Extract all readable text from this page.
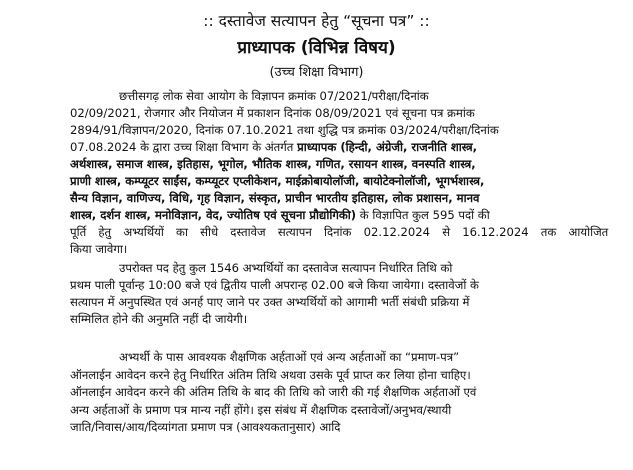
:: दस्तावेज सत्यापन हेतु “सूचना पत्र” ::
प्राध्यापक (विभिन्न विषय)
(उच्च शिक्षा विभाग)
छत्तीसगढ़ लोक सेवा आयोग के विज्ञापन क्रमांक 07/2021/परीक्षा/दिनांक
02/09/2021, रोजगार और नियोजन में प्रकाशन दिनांक 08/09/2021 एवं सूचना पत्र क्रमांक
2894/91/विज्ञापन/2020, दिनांक 07.10.2021 तथा शुद्धि पत्र क्रमांक 03/2024/परीक्षा/दिनांक
07.08.2024 के द्वारा उच्च शिक्षा विभाग के अंतर्गत प्राध्यापक (हिन्दी, अंग्रेजी, राजनीति शास्त्र,
अर्थशास्त्र, समाज शास्त्र, इतिहास, भूगोल, भौतिक शास्त्र, गणित, रसायन शास्त्र, वनस्पति शास्त्र,
प्राणी शास्त्र, कम्प्यूटर साईंस, कम्प्यूटर एप्लीकेशन, माईक्रोबायोलॉजी, बायोटेक्नोलॉजी, भूगर्भशास्त्र,
सैन्य विज्ञान, वाणिज्य, विधि, गृह विज्ञान, संस्कृत, प्राचीन भारतीय इतिहास, लोक प्रशासन, मानव
शास्त्र, दर्शन शास्त्र, मनोविज्ञान, वेद, ज्योतिष एवं सूचना प्रौद्योगिकी) के विज्ञापित कुल 595 पदों की
पूर्ति हेतु अभ्यर्थियों का सीधे दस्तावेज सत्यापन दिनांक 02.12.2024 से 16.12.2024 तक आयोजित
किया जावेगा।
उपरोक्त पद हेतु कुल 1546 अभ्यर्थियों का दस्तावेज सत्यापन निर्धारित तिथि को
प्रथम पाली पूर्वान्ह 10:00 बजे एवं द्वितीय पाली अपरान्ह 02.00 बजे किया जायेगा। दस्तावेजों के
सत्यापन में अनुपस्थित एवं अनर्ह पाए जाने पर उक्त अभ्यर्थियों को आगामी भर्ती संबंधी प्रक्रिया में
सम्मिलित होने की अनुमति नहीं दी जायेगी।
अभ्यर्थी के पास आवश्यक शैक्षणिक अर्हताओं एवं अन्य अर्हताओं का “प्रमाण-पत्र”
ऑनलाईन आवेदन करने हेतु निर्धारित अंतिम तिथि अथवा उसके पूर्व प्राप्त कर लिया होना चाहिए।
ऑनलाईन आवेदन करने की अंतिम तिथि के बाद की तिथि को जारी की गई शैक्षणिक अर्हताओं एवं
अन्य अर्हताओं के प्रमाण पत्र मान्य नहीं होंगे। इस संबंध में शैक्षणिक दस्तावेजों/अनुभव/स्थायी
जाति/निवास/आय/दिव्यांगता प्रमाण पत्र (आवश्यकतानुसार) आदि
